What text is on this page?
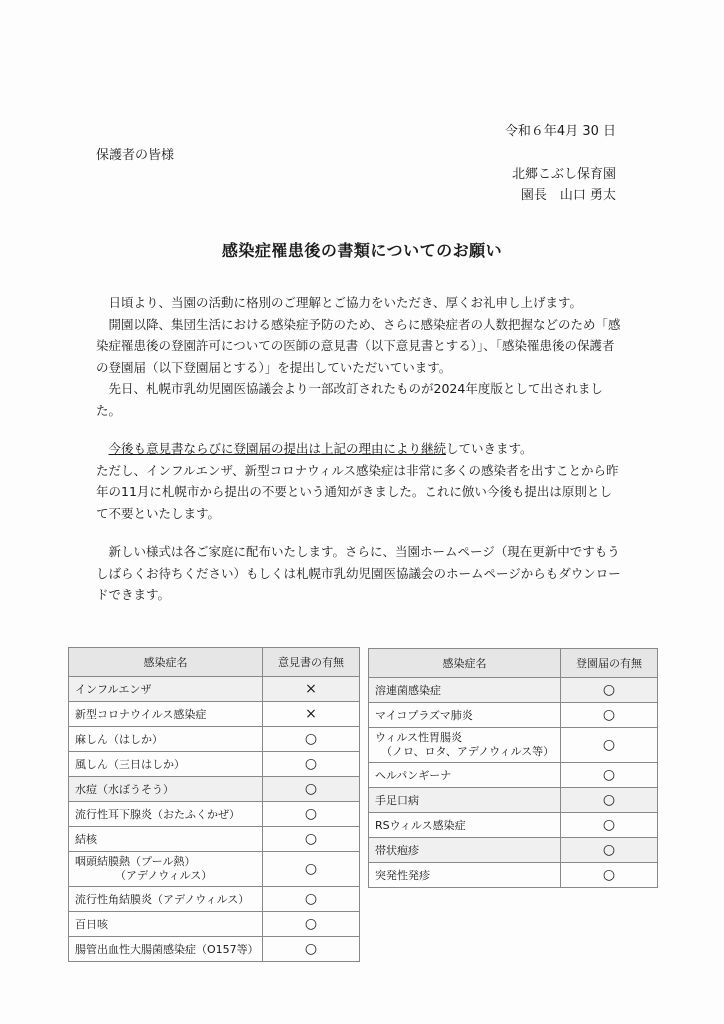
令和６年4月 30 日
保護者の皆様
北郷こぶし保育園
園長　山口 勇太
感染症罹患後の書類についてのお願い

日頃より、当園の活動に格別のご理解とご協力をいただき、厚くお礼申し上げます。

開園以降、集団生活における感染症予防のため、さらに感染症者の人数把握などのため「感染症罹患後の登園許可についての医師の意見書（以下意見書とする）」、「感染罹患後の保護者の登園届（以下登園届とする）」を提出していただいています。

先日、札幌市乳幼児園医協議会より一部改訂されたものが2024年度版として出されました。

今後も意見書ならびに登園届の提出は上記の理由により継続していきます。

ただし、インフルエンザ、新型コロナウィルス感染症は非常に多くの感染者を出すことから昨年の11月に札幌市から提出の不要という通知がきました。これに倣い今後も提出は原則として不要といたします。

新しい様式は各ご家庭に配布いたします。さらに、当園ホームページ（現在更新中ですもうしばらくお待ちください）もしくは札幌市乳幼児園医協議会のホームページからもダウンロードできます。

感染症名	意見書の有無
インフルエンザ	×
新型コロナウイルス感染症	×
麻しん（はしか）	○
風しん（三日はしか）	○
水痘（水ぼうそう）	○
流行性耳下腺炎（おたふくかぜ）	○
結核	○
咽頭結膜熱（プール熱）
（アデノウィルス）	○
流行性角結膜炎（アデノウィルス）	○
百日咳	○
腸管出血性大腸菌感染症（O157等）	○
感染症名	登園届の有無
溶連菌感染症	○
マイコプラズマ肺炎	○
ウィルス性胃腸炎
（ノロ、ロタ、アデノウィルス等）	○
ヘルパンギーナ	○
手足口病	○
RSウィルス感染症	○
帯状疱疹	○
突発性発疹	○
